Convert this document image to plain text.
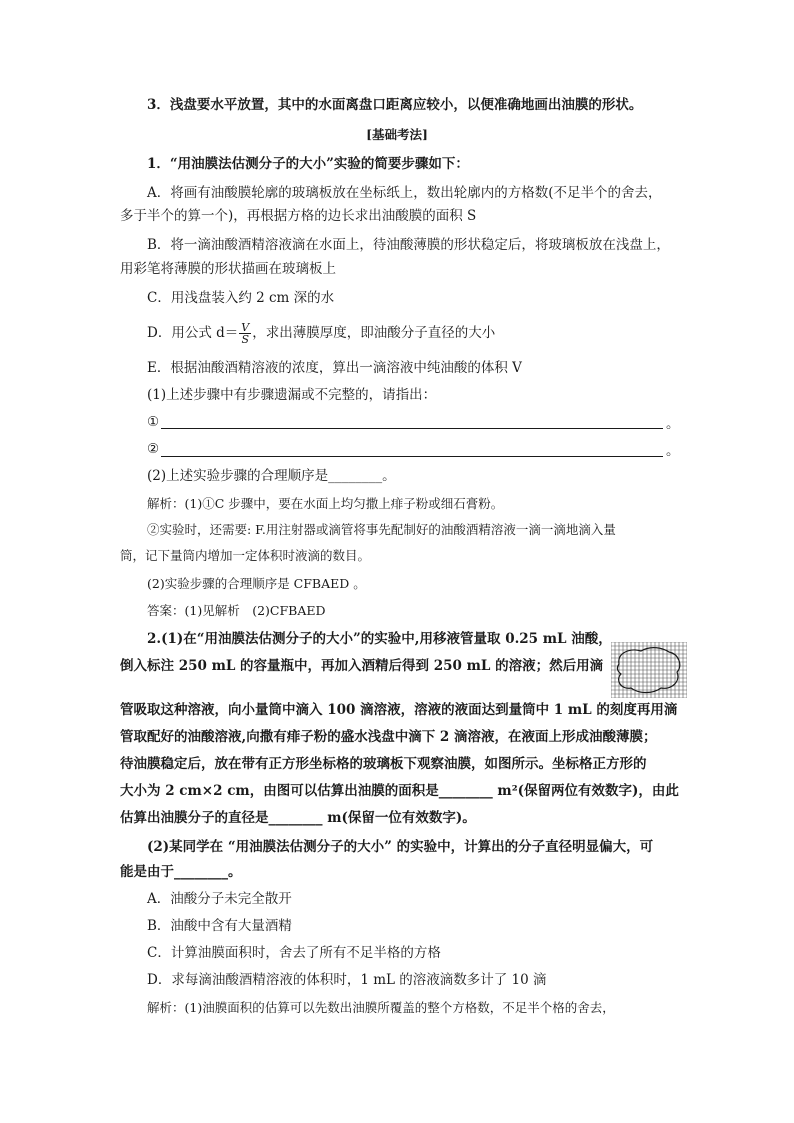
3．浅盘要水平放置，其中的水面离盘口距离应较小，以便准确地画出油膜的形状。
[基础考法]
1．“用油膜法估测分子的大小”实验的简要步骤如下：
A．将画有油酸膜轮廓的玻璃板放在坐标纸上，数出轮廓内的方格数(不足半个的舍去，
多于半个的算一个)，再根据方格的边长求出油酸膜的面积 S
B．将一滴油酸酒精溶液滴在水面上，待油酸薄膜的形状稳定后，将玻璃板放在浅盘上，
用彩笔将薄膜的形状描画在玻璃板上
C．用浅盘装入约 2 cm 深的水
D．用公式 $d= \frac{V}{S}$ ，求出薄膜厚度，即油酸分子直径的大小
E．根据油酸酒精溶液的浓度，算出一滴溶液中纯油酸的体积 V
(1)上述步骤中有步骤遗漏或不完整的，请指出：
①	。
②	。
(2)上述实验步骤的合理顺序是________。
解析：(1)①C 步骤中，要在水面上均匀撒上痱子粉或细石膏粉。
②实验时，还需要: F.用注射器或滴管将事先配制好的油酸酒精溶液一滴一滴地滴入量
筒，记下量筒内增加一定体积时液滴的数目。
(2)实验步骤的合理顺序是 CFBAED 。
答案：(1)见解析　(2)CFBAED
2.(1)在“用油膜法估测分子的大小”的实验中,用移液管量取 0.25 mL 油酸，
倒入标注 250 mL 的容量瓶中，再加入酒精后得到 250 mL 的溶液；然后用滴
管吸取这种溶液，向小量筒中滴入 100 滴溶液，溶液的液面达到量筒中 1 mL 的刻度再用滴
管取配好的油酸溶液,向撒有痱子粉的盛水浅盘中滴下 2 滴溶液，在液面上形成油酸薄膜；
待油膜稳定后，放在带有正方形坐标格的玻璃板下观察油膜，如图所示。坐标格正方形的
大小为 2 cm×2 cm，由图可以估算出油膜的面积是________ m²(保留两位有效数字)，由此
估算出油膜分子的直径是________ m(保留一位有效数字)。
(2)某同学在 “用油膜法估测分子的大小” 的实验中，计算出的分子直径明显偏大，可
能是由于________。
A．油酸分子未完全散开
B．油酸中含有大量酒精
C．计算油膜面积时，舍去了所有不足半格的方格
D．求每滴油酸酒精溶液的体积时，1 mL 的溶液滴数多计了 10 滴
解析：(1)油膜面积的估算可以先数出油膜所覆盖的整个方格数，不足半个格的舍去，
